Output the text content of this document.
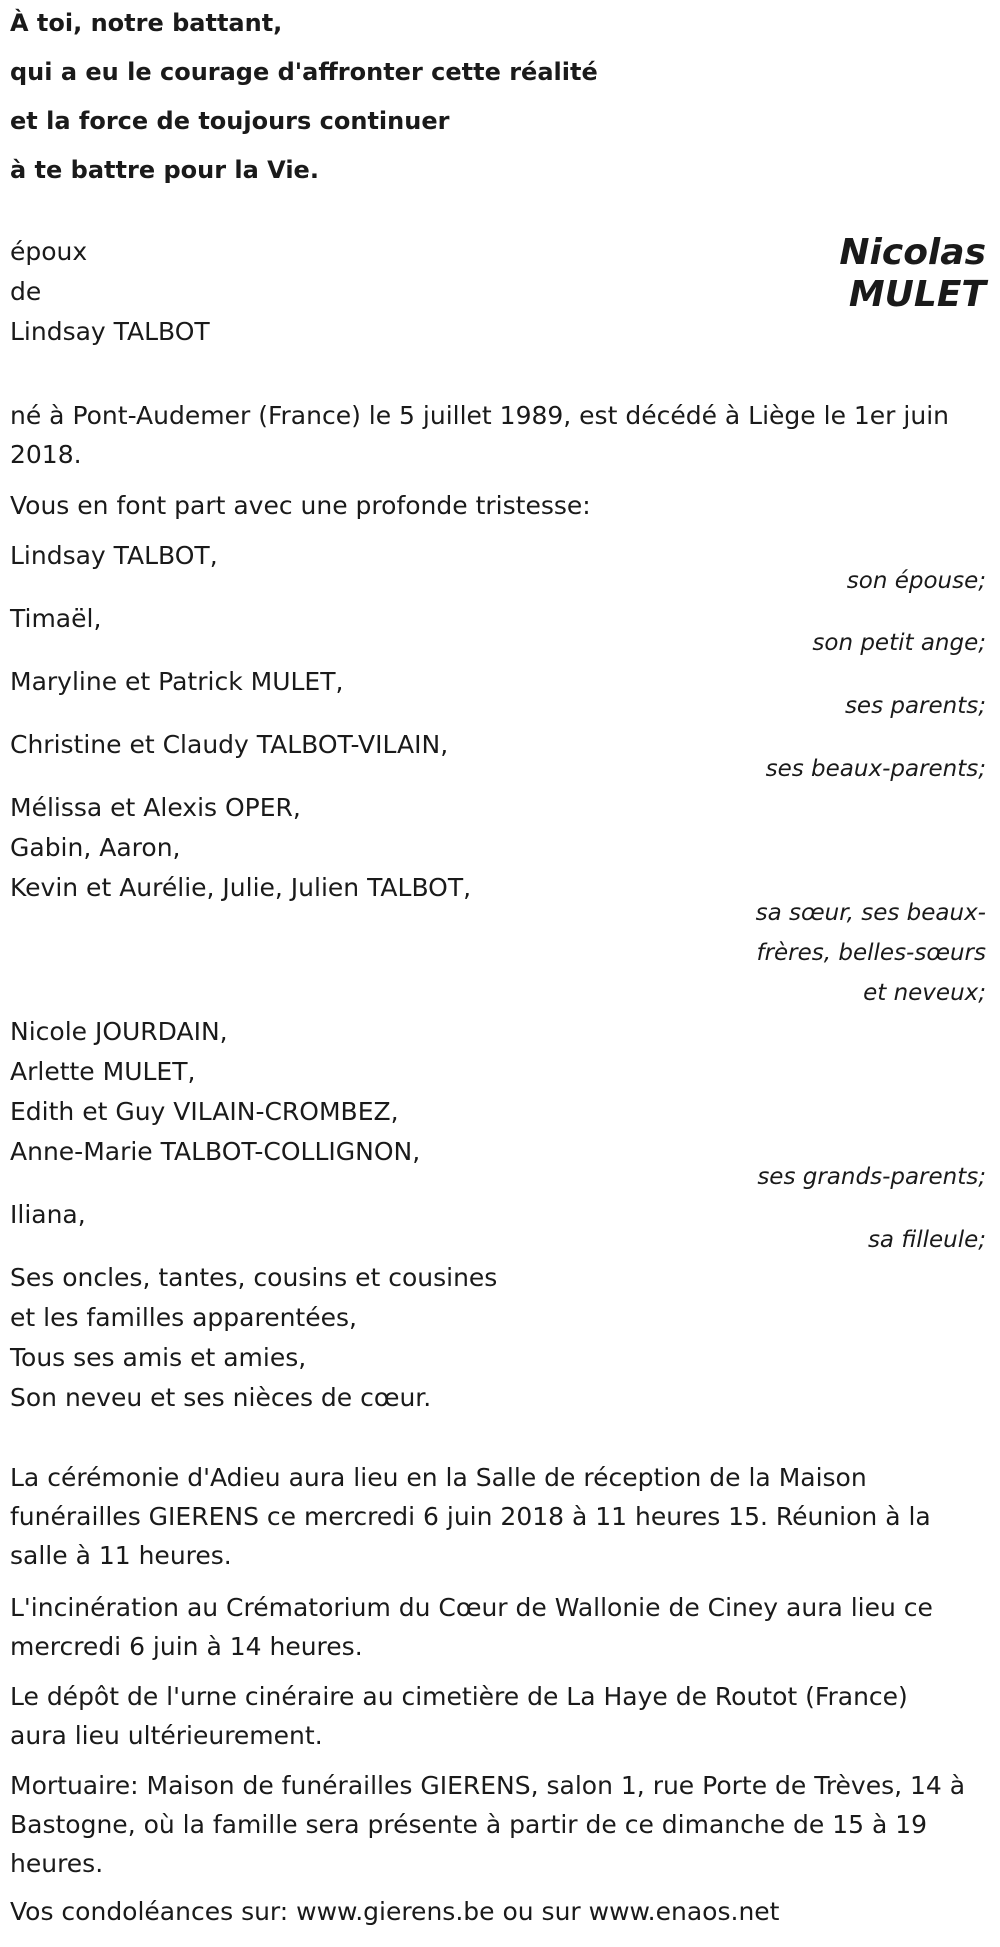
À toi, notre battant,
qui a eu le courage d'affronter cette réalité
et la force de toujours continuer
à te battre pour la Vie.
époux
de
Lindsay TALBOT
Nicolas
MULET
né à Pont-Audemer (France) le 5 juillet 1989, est décédé à Liège le 1er juin 2018.
Vous en font part avec une profonde tristesse:
Lindsay TALBOT,
son épouse;
Timaël,
son petit ange;
Maryline et Patrick MULET,
ses parents;
Christine et Claudy TALBOT-VILAIN,
ses beaux-parents;
Mélissa et Alexis OPER,
Gabin, Aaron,
Kevin et Aurélie, Julie, Julien TALBOT,
sa sœur, ses beaux-
frères, belles-sœurs
et neveux;
Nicole JOURDAIN,
Arlette MULET,
Edith et Guy VILAIN-CROMBEZ,
Anne-Marie TALBOT-COLLIGNON,
ses grands-parents;
Iliana,
sa filleule;
Ses oncles, tantes, cousins et cousines
et les familles apparentées,
Tous ses amis et amies,
Son neveu et ses nièces de cœur.
La cérémonie d'Adieu aura lieu en la Salle de réception de la Maison funérailles GIERENS ce mercredi 6 juin 2018 à 11 heures 15. Réunion à la salle à 11 heures.
L'incinération au Crématorium du Cœur de Wallonie de Ciney aura lieu ce mercredi 6 juin à 14 heures.
Le dépôt de l'urne cinéraire au cimetière de La Haye de Routot (France) aura lieu ultérieurement.
Mortuaire: Maison de funérailles GIERENS, salon 1, rue Porte de Trèves, 14 à Bastogne, où la famille sera présente à partir de ce dimanche de 15 à 19 heures.
Vos condoléances sur: www.gierens.be ou sur www.enaos.net
